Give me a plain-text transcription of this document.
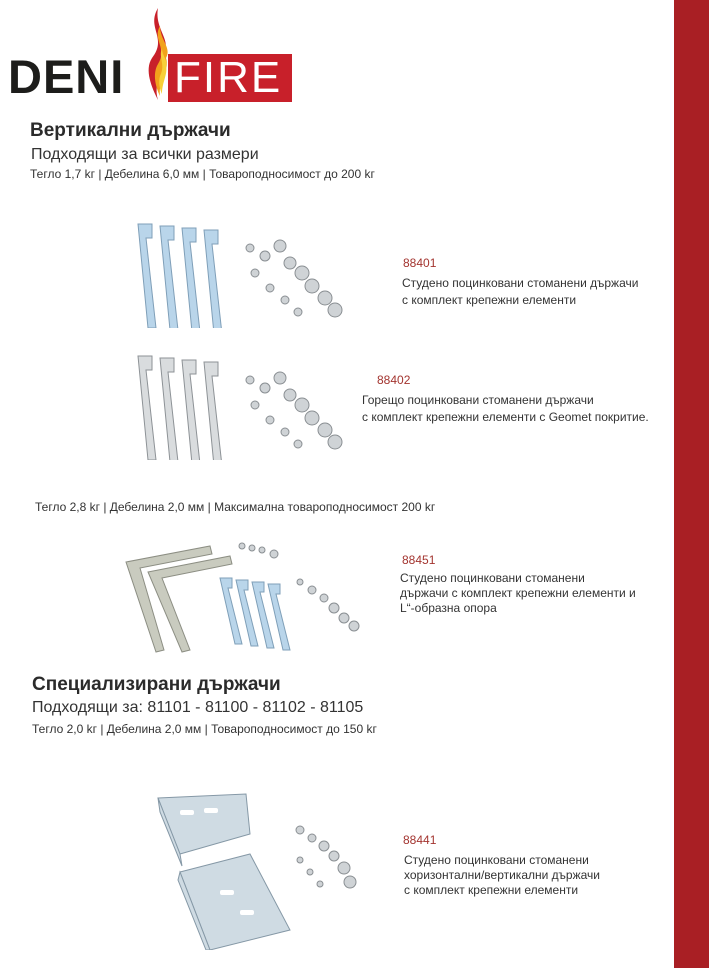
DENI FIRE
Вертикални държачи
Подходящи за всички размери
Тегло 1,7 kг | Дебелина 6,0 мм | Товароподносимост до 200 kг
88401
Студено поцинковани стоманени държачи
с комплект крепежни елементи
88402
Горещо поцинковани стоманени държачи
с комплект крепежни елементи с Geomet покритие.
Тегло 2,8 kг | Дебелина 2,0 мм | Максимална товароподносимост 200 kг
88451
Студено поцинковани стоманени
държачи с комплект крепежни елементи и
L“-образна опора
Специализирани държачи
Подходящи за: 81101 - 81100 - 81102 - 81105
Тегло 2,0 kг | Дебелина 2,0 мм | Товароподносимост до 150 kг
88441
Студено поцинковани стоманени
хоризонтални/вертикални държачи
с комплект крепежни елементи
